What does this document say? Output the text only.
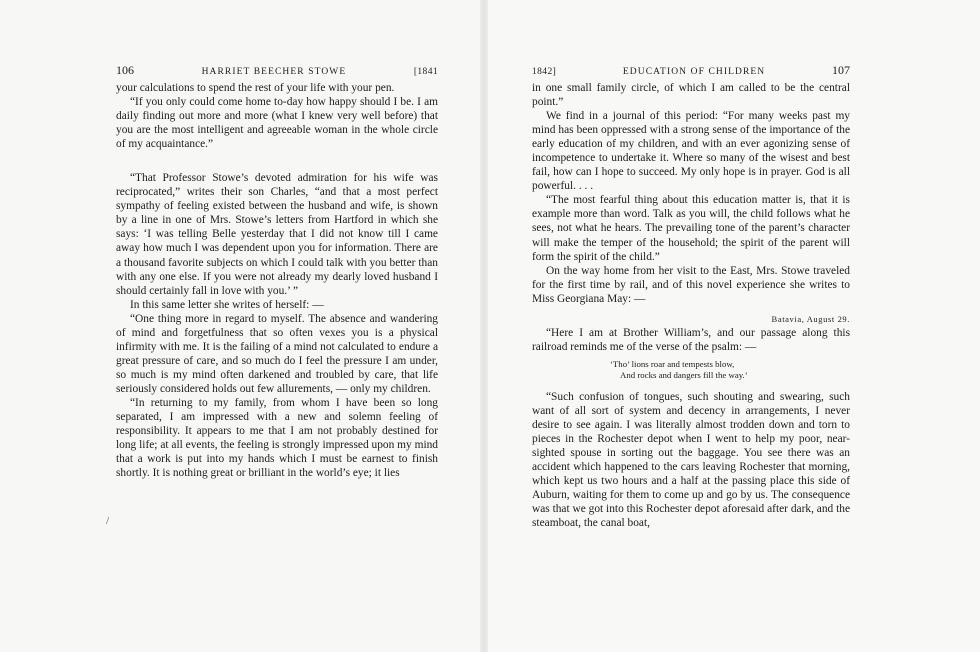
106	HARRIET BEECHER STOWE	[1841

your calculations to spend the rest of your life with your pen.

“If you only could come home to-day how happy should I be. I am daily finding out more and more (what I knew very well before) that you are the most intelligent and agreeable woman in the whole circle of my acquaintance.”

“That Professor Stowe’s devoted admiration for his wife was reciprocated,” writes their son Charles, “and that a most perfect sympathy of feeling existed between the husband and wife, is shown by a line in one of Mrs. Stowe’s letters from Hartford in which she says: ‘I was telling Belle yesterday that I did not know till I came away how much I was dependent upon you for information. There are a thousand favorite subjects on which I could talk with you better than with any one else. If you were not already my dearly loved husband I should certainly fall in love with you.’ ”

In this same letter she writes of herself: —

“One thing more in regard to myself. The absence and wandering of mind and forgetfulness that so often vexes you is a physical infirmity with me. It is the failing of a mind not calculated to endure a great pressure of care, and so much do I feel the pressure I am under, so much is my mind often darkened and troubled by care, that life seriously considered holds out few allurements, — only my children.

“In returning to my family, from whom I have been so long separated, I am impressed with a new and solemn feeling of responsibility. It appears to me that I am not probably destined for long life; at all events, the feeling is strongly impressed upon my mind that a work is put into my hands which I must be earnest to finish shortly. It is nothing great or brilliant in the world’s eye; it lies

1842]	EDUCATION OF CHILDREN	107

in one small family circle, of which I am called to be the central point.”

We find in a journal of this period: “For many weeks past my mind has been oppressed with a strong sense of the importance of the early education of my children, and with an ever agonizing sense of incompetence to undertake it. Where so many of the wisest and best fail, how can I hope to succeed. My only hope is in prayer. God is all powerful. . . .

“The most fearful thing about this education matter is, that it is example more than word. Talk as you will, the child follows what he sees, not what he hears. The prevailing tone of the parent’s character will make the temper of the household; the spirit of the parent will form the spirit of the child.”

On the way home from her visit to the East, Mrs. Stowe traveled for the first time by rail, and of this novel experience she writes to Miss Georgiana May: —

Batavia, August 29.

“Here I am at Brother William’s, and our passage along this railroad reminds me of the verse of the psalm: —

‘Tho’ lions roar and tempests blow,
And rocks and dangers fill the way.’

“Such confusion of tongues, such shouting and swearing, such want of all sort of system and decency in arrangements, I never desire to see again. I was literally almost trodden down and torn to pieces in the Rochester depot when I went to help my poor, near-sighted spouse in sorting out the baggage. You see there was an accident which happened to the cars leaving Rochester that morning, which kept us two hours and a half at the passing place this side of Auburn, waiting for them to come up and go by us. The consequence was that we got into this Rochester depot aforesaid after dark, and the steamboat, the canal boat,

/
